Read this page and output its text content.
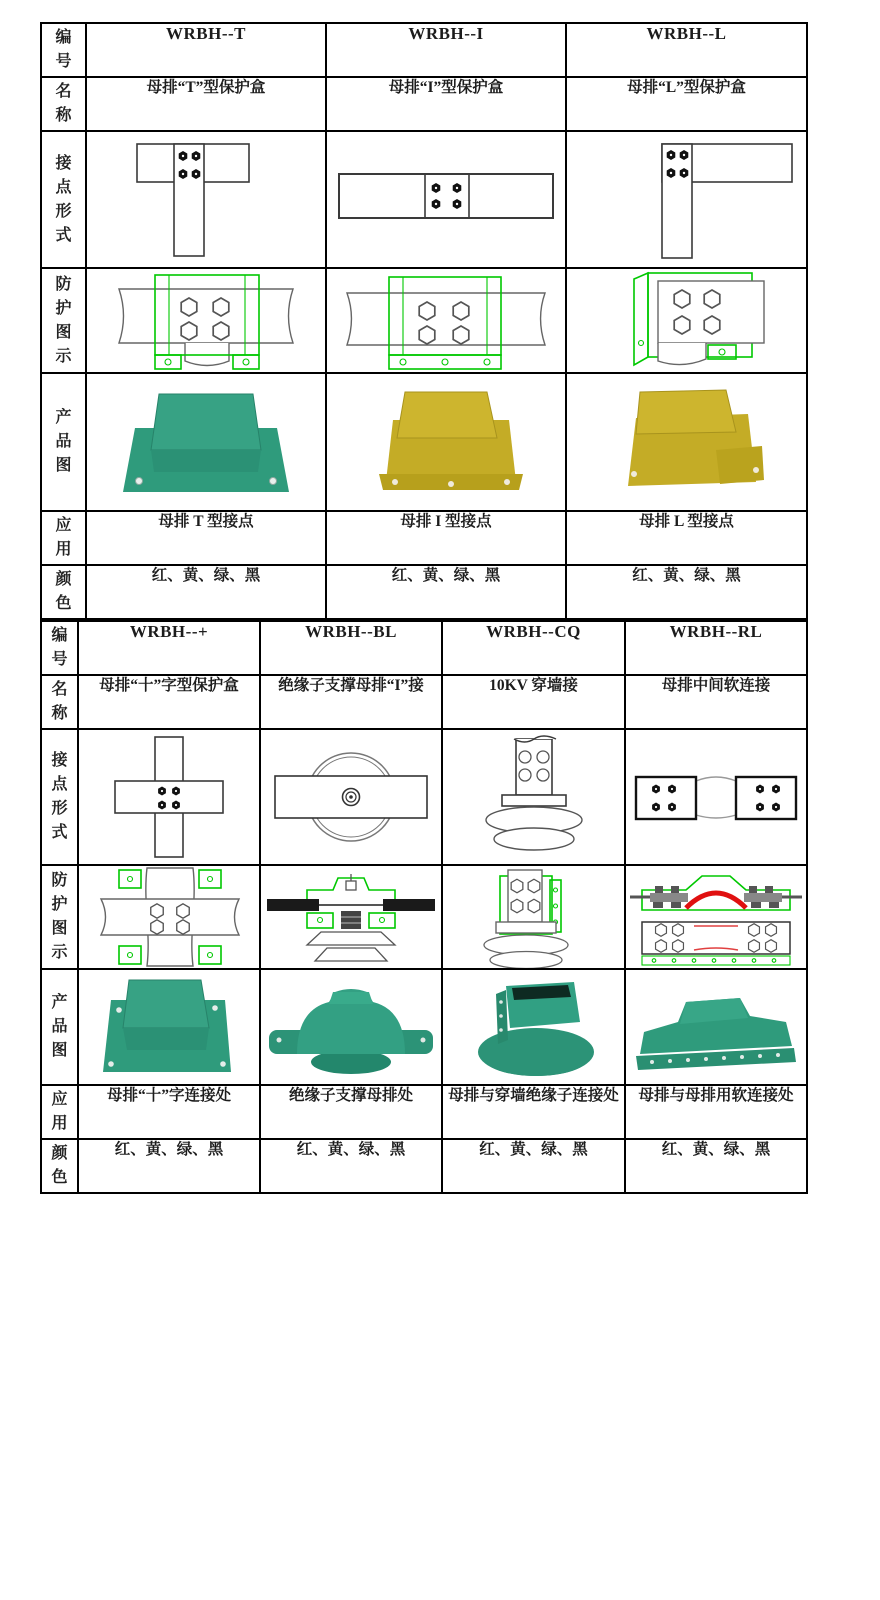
编号	WRBH--T	WRBH--I	WRBH--L
名称	母排“T”型保护盒	母排“I”型保护盒	母排“L”型保护盒
接点形式	

防护图示	

产品图	

应用	母排 T 型接点	母排 I 型接点	母排 L 型接点
颜色	红、黄、绿、黑	红、黄、绿、黑	红、黄、绿、黑
编号	WRBH--+	WRBH--BL	WRBH--CQ	WRBH--RL
名称	母排“十”字型保护盒	绝缘子支撑母排“I”接	10KV 穿墙接	母排中间软连接
接点形式	

防护图示	

产品图	

应用	母排“十”字连接处	绝缘子支撑母排处	母排与穿墙绝缘子连接处	母排与母排用软连接处
颜色	红、黄、绿、黑	红、黄、绿、黑	红、黄、绿、黑	红、黄、绿、黑
